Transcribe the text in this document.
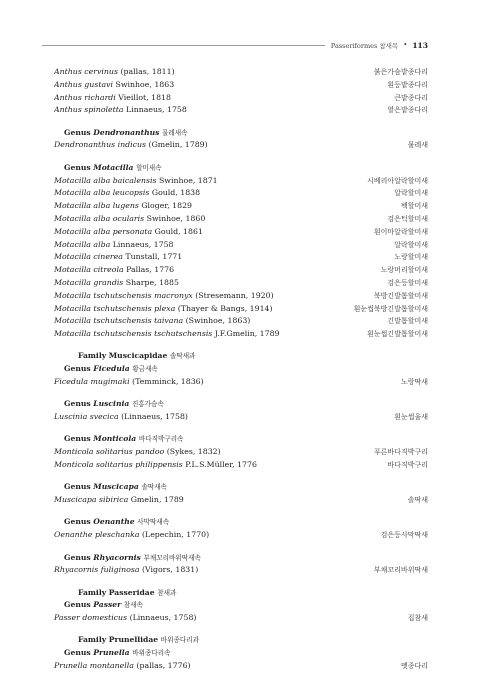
Passeriformes 참새목 • 113
Anthus cervinus (pallas, 1811)	붉은가슴밭종다리
Anthus gustavi Swinhoe, 1863	흰등밭종다리
Anthus richardi Vieillot, 1818	큰밭종다리
Anthus spinoletta Linnaeus, 1758	옅은밭종다리
Genus Dendronanthus 물레새속
Dendronanthus indicus (Gmelin, 1789)	물레새
Genus Motacilla 할미새속
Motacilla alba baicalensis Swinhoe, 1871	시베리아알락할미새
Motacilla alba leucopsis Gould, 1838	알락할미새
Motacilla alba lugens Gloger, 1829	백할미새
Motacilla alba ocularis Swinhoe, 1860	검은턱할미새
Motacilla alba personata Gould, 1861	흰이마알락할미새
Motacilla alba Linnaeus, 1758	알락할미새
Motacilla cinerea Tunstall, 1771	노랑할미새
Motacilla citreola Pallas, 1776	노랑머리할미새
Motacilla grandis Sharpe, 1885	검은등할미새
Motacilla tschutschensis macronyx (Stresemann, 1920)	북방긴발톱할미새
Motacilla tschutschensis plexa (Thayer & Bangs, 1914)	흰눈썹북방긴발톱할미새
Motacilla tschutschensis taivana (Swinhoe, 1863)	긴발톱할미새
Motacilla tschutschensis tschutschensis J.F.Gmelin, 1789	흰눈썹긴발톱할미새
Family Muscicapidae 솔딱새과
Genus Ficedula 황금새속
Ficedula mugimaki (Temminck, 1836)	노랑딱새
Genus Luscinia 진홍가슴속
Luscinia svecica (Linnaeus, 1758)	흰눈썹울새
Genus Monticola 바다직박구리속
Monticola solitarius pandoo (Sykes, 1832)	푸른바다직박구리
Monticola solitarius philippensis P.L.S.Müller, 1776	바다직박구리
Genus Muscicapa 솔딱새속
Muscicapa sibirica Gmelin, 1789	솔딱새
Genus Oenanthe 사막딱새속
Oenanthe pleschanka (Lepechin, 1770)	검은등사막딱새
Genus Rhyacornis 부채꼬리바위딱새속
Rhyacornis fuliginosa (Vigors, 1831)	부채꼬리바위딱새
Family Passeridae 참새과
Genus Passer 참새속
Passer domesticus (Linnaeus, 1758)	집참새
Family Prunellidae 바위종다리과
Genus Prunella 바위종다리속
Prunella montanella (pallas, 1776)	멧종다리
